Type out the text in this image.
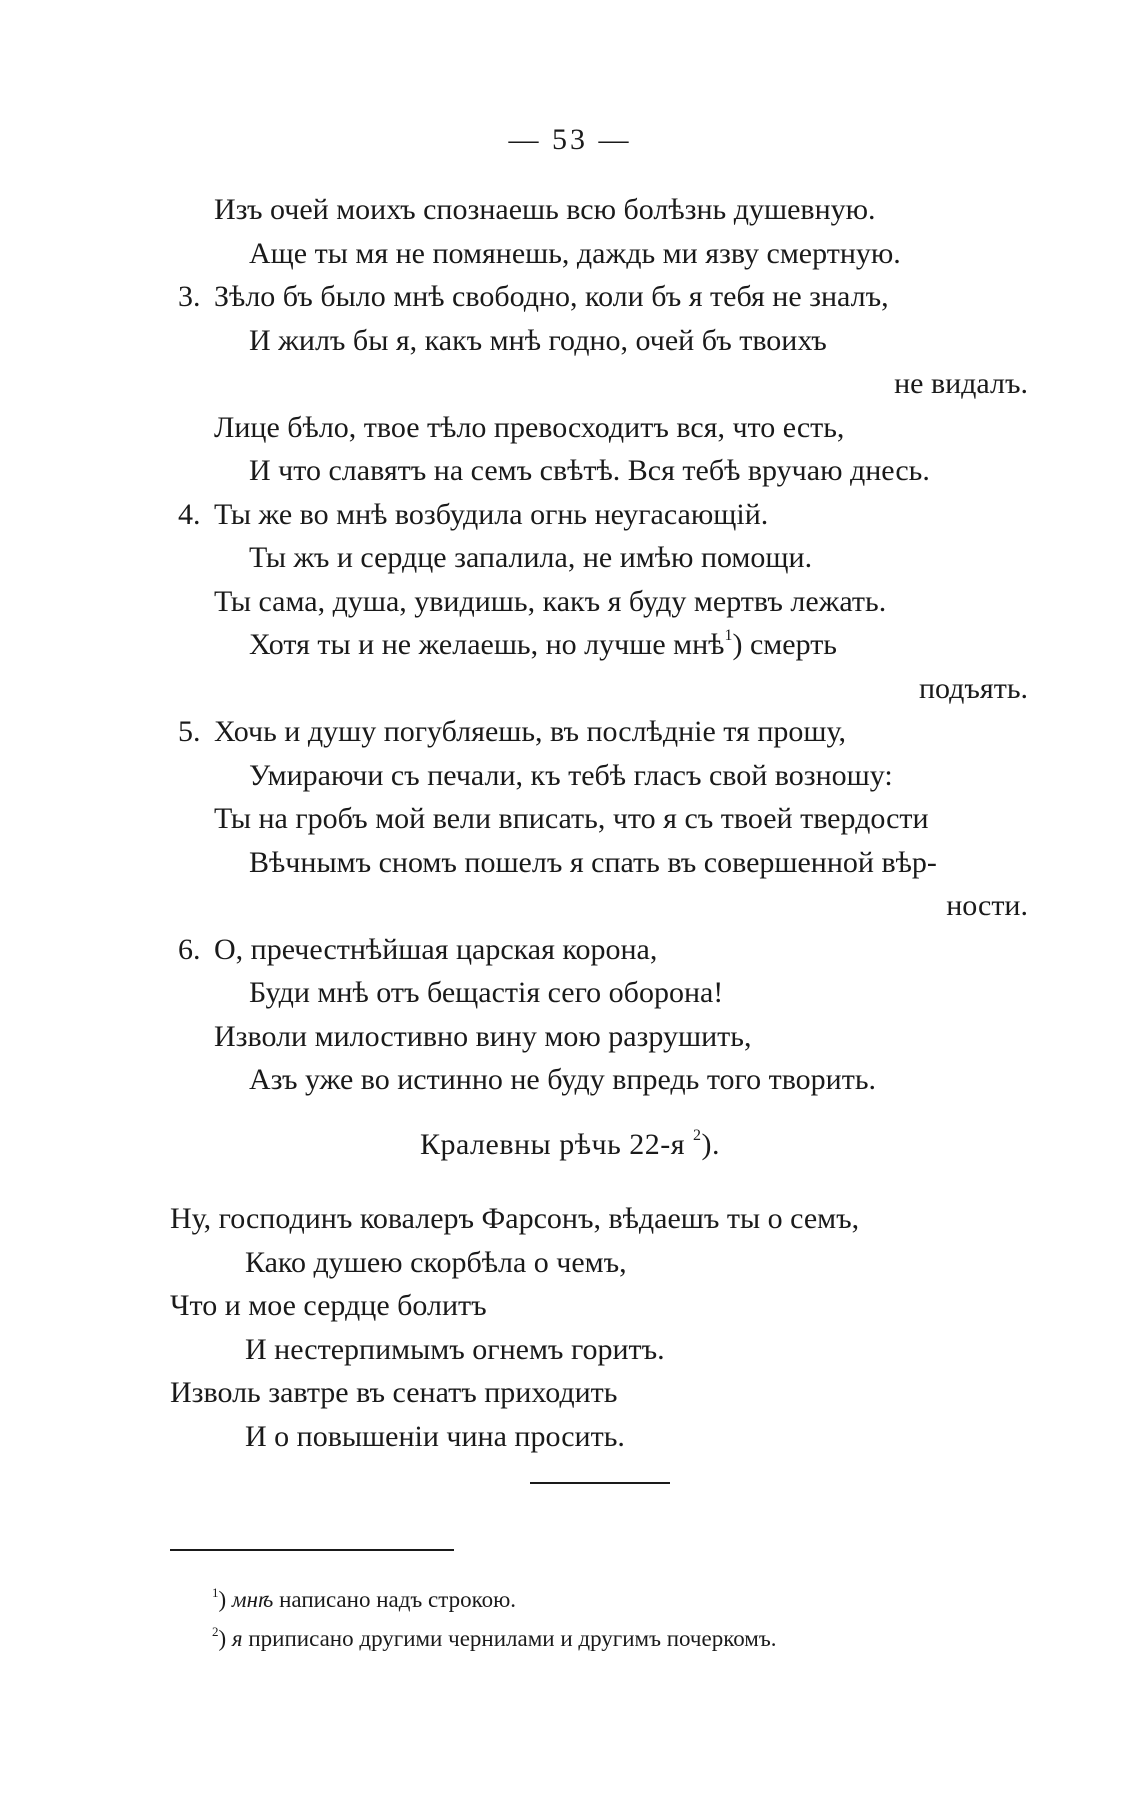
— 53 —
Изъ очей моихъ спознаешь всю болѣзнь душевную.
Аще ты мя не помянешь, даждь ми язву смертную.
3. Зѣло бъ было мнѣ свободно, коли бъ я тебя не зналъ,
И жилъ бы я, какъ мнѣ годно, очей бъ твоихъ
не видалъ.
Лице бѣло, твое тѣло превосходитъ вся, что есть,
И что славятъ на семъ свѣтѣ. Вся тебѣ вручаю днесь.
4. Ты же во мнѣ возбудила огнь неугасающій.
Ты жъ и сердце запалила, не имѣю помощи.
Ты сама, душа, увидишь, какъ я буду мертвъ лежать.
Хотя ты и не желаешь, но лучше мнѣ$^1$) смерть
подъять.
5. Хочь и душу погубляешь, въ послѣдніе тя прошу,
Умираючи съ печали, къ тебѣ гласъ свой возношу:
Ты на гробъ мой вели вписать, что я съ твоей твердости
Вѣчнымъ сномъ пошелъ я спать въ совершенной вѣр-
ности.
6. О, пречестнѣйшая царская корона,
Буди мнѣ отъ бещастія сего оборона!
Изволи милостивно вину мою разрушить,
Азъ уже во истинно не буду впредь того творить.
Кралевны рѣчь 22-я $^2$).
Ну, господинъ ковалеръ Фарсонъ, вѣдаешъ ты о семъ,
Како душею скорбѣла о чемъ,
Что и мое сердце болитъ
И нестерпимымъ огнемъ горитъ.
Изволь завтре въ сенатъ приходить
И о повышеніи чина просить.
$^1$) мнѣ написано надъ строкою.
$^2$) я приписано другими чернилами и другимъ почеркомъ.
